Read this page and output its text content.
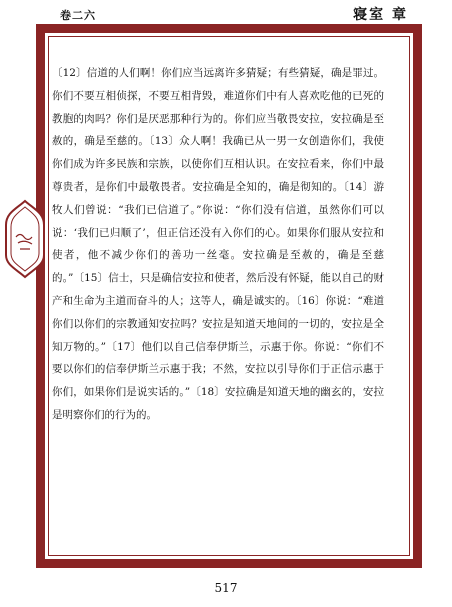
卷二六	寝室 章

〔12〕信道的人们啊！你们应当远离许多猜疑；有些猜疑，确是罪过。你们不要互相侦探，不要互相背毁，难道你们中有人喜欢吃他的已死的教胞的肉吗？你们是厌恶那种行为的。你们应当敬畏安拉，安拉确是至赦的，确是至慈的。〔13〕众人啊！我确已从一男一女创造你们，我使你们成为许多民族和宗族，以使你们互相认识。在安拉看来，你们中最尊贵者，是你们中最敬畏者。安拉确是全知的，确是彻知的。〔14〕游牧人们曾说：“我们已信道了。”你说：“你们没有信道，虽然你们可以说：‘我们已归顺了’，但正信还没有入你们的心。如果你们服从安拉和使者，他不减少你们的善功一丝毫。安拉确是至赦的，确是至慈的。”〔15〕信士，只是确信安拉和使者，然后没有怀疑，能以自己的财产和生命为主道而奋斗的人；这等人，确是诚实的。〔16〕你说：“难道你们以你们的宗教通知安拉吗？安拉是知道天地间的一切的，安拉是全知万物的。”〔17〕他们以自己信奉伊斯兰，示惠于你。你说：“你们不要以你们的信奉伊斯兰示惠于我；不然，安拉以引导你们于正信示惠于你们，如果你们是说实话的。”〔18〕安拉确是知道天地的幽玄的，安拉是明察你们的行为的。

517
